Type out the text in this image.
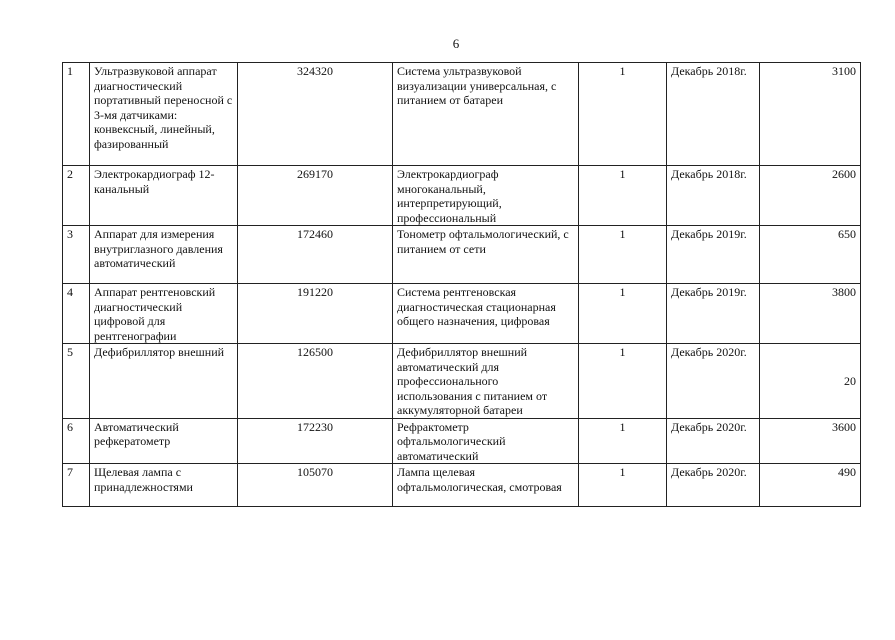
6
1	Ультразвуковой аппарат диагностический портативный переносной с 3-мя датчиками: конвексный, линейный, фазированный	324320	Система ультразвуковой визуализации универсальная, с питанием от батареи	1	Декабрь 2018г.	3100
2	Электрокардиограф 12-канальный	269170	Электрокардиограф многоканальный, интерпретирующий, профессиональный	1	Декабрь 2018г.	2600
3	Аппарат для измерения внутриглазного давления автоматический	172460	Тонометр офтальмологический, с питанием от сети	1	Декабрь 2019г.	650
4	Аппарат рентгеновский диагностический цифровой для рентгенографии	191220	Система рентгеновская диагностическая стационарная общего назначения, цифровая	1	Декабрь 2019г.	3800
5	Дефибриллятор внешний	126500	Дефибриллятор внешний автоматический для профессионального использования с питанием от аккумуляторной батареи	1	Декабрь 2020г.	20
6	Автоматический рефкератометр	172230	Рефрактометр офтальмологический автоматический	1	Декабрь 2020г.	3600
7	Щелевая лампа с принадлежностями	105070	Лампа щелевая офтальмологическая, смотровая	1	Декабрь 2020г.	490
